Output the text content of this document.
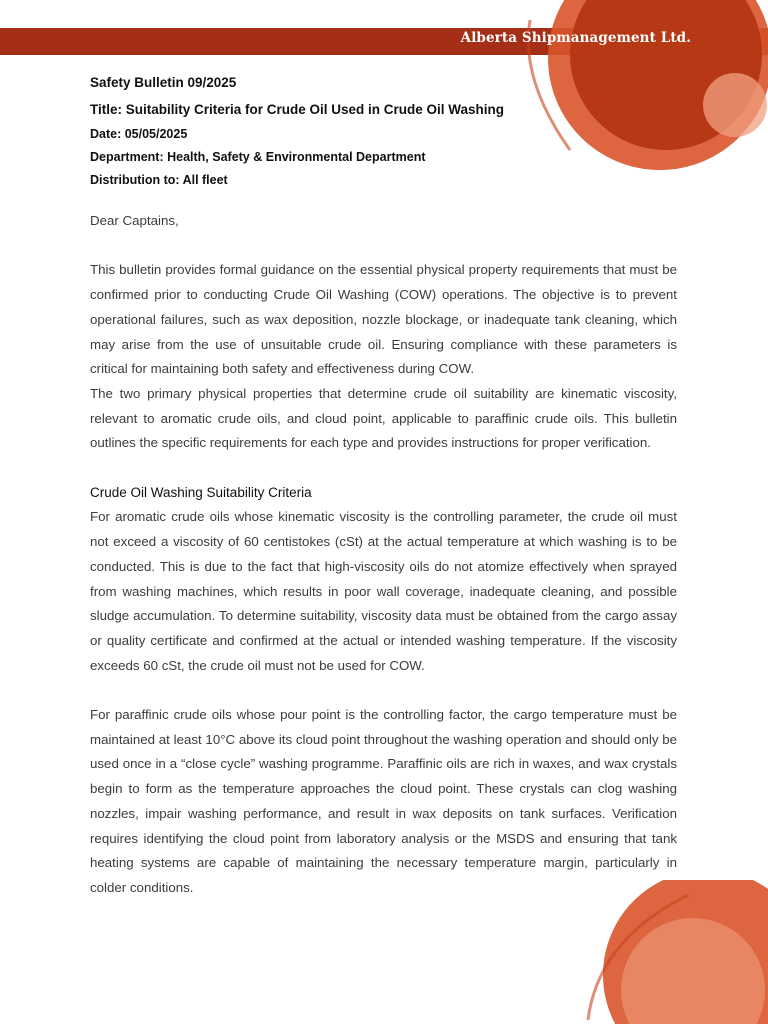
Alberta Shipmanagement Ltd.
Safety Bulletin 09/2025
Title: Suitability Criteria for Crude Oil Used in Crude Oil Washing
Date: 05/05/2025
Department: Health, Safety & Environmental Department
Distribution to: All fleet

Dear Captains,

This bulletin provides formal guidance on the essential physical property requirements that must be confirmed prior to conducting Crude Oil Washing (COW) operations. The objective is to prevent operational failures, such as wax deposition, nozzle blockage, or inadequate tank cleaning, which may arise from the use of unsuitable crude oil. Ensuring compliance with these parameters is critical for maintaining both safety and effectiveness during COW.

The two primary physical properties that determine crude oil suitability are kinematic viscosity, relevant to aromatic crude oils, and cloud point, applicable to paraffinic crude oils. This bulletin outlines the specific requirements for each type and provides instructions for proper verification.

Crude Oil Washing Suitability Criteria

For aromatic crude oils whose kinematic viscosity is the controlling parameter, the crude oil must not exceed a viscosity of 60 centistokes (cSt) at the actual temperature at which washing is to be conducted. This is due to the fact that high-viscosity oils do not atomize effectively when sprayed from washing machines, which results in poor wall coverage, inadequate cleaning, and possible sludge accumulation. To determine suitability, viscosity data must be obtained from the cargo assay or quality certificate and confirmed at the actual or intended washing temperature. If the viscosity exceeds 60 cSt, the crude oil must not be used for COW.

For paraffinic crude oils whose pour point is the controlling factor, the cargo temperature must be maintained at least 10°C above its cloud point throughout the washing operation and should only be used once in a “close cycle” washing programme. Paraffinic oils are rich in waxes, and wax crystals begin to form as the temperature approaches the cloud point. These crystals can clog washing nozzles, impair washing performance, and result in wax deposits on tank surfaces. Verification requires identifying the cloud point from laboratory analysis or the MSDS and ensuring that tank heating systems are capable of maintaining the necessary temperature margin, particularly in colder conditions.
